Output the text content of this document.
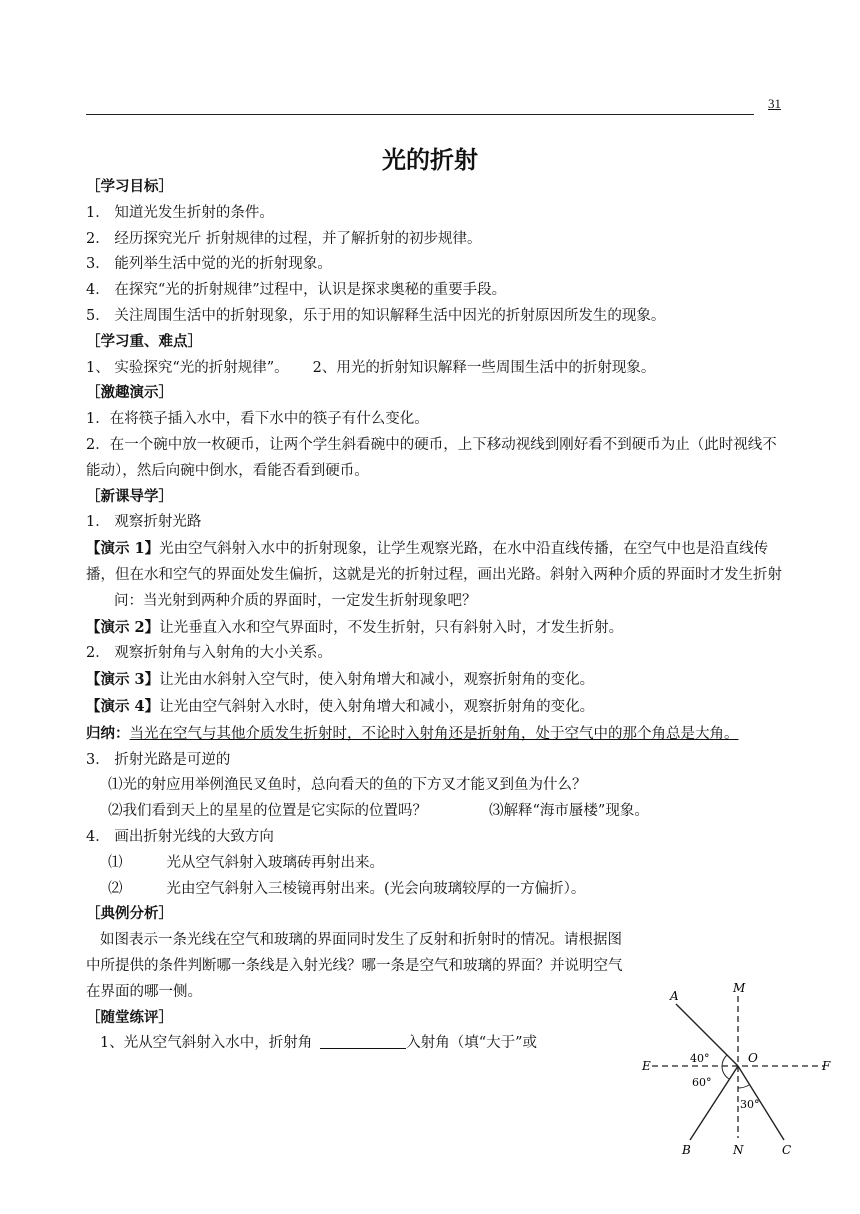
31
光的折射

［学习目标］

1． 知道光发生折射的条件。

2． 经历探究光斤 折射规律的过程，并了解折射的初步规律。

3． 能列举生活中觉的光的折射现象。

4． 在探究“光的折射规律”过程中，认识是探求奥秘的重要手段。

5． 关注周围生活中的折射现象，乐于用的知识解释生活中因光的折射原因所发生的现象。

［学习重、难点］

1、 实验探究“光的折射规律”。 2、用光的折射知识解释一些周围生活中的折射现象。

［激趣演示］

1．在将筷子插入水中，看下水中的筷子有什么变化。

2．在一个碗中放一枚硬币，让两个学生斜看碗中的硬币，上下移动视线到刚好看不到硬币为止（此时视线不能动），然后向碗中倒水，看能否看到硬币。

［新课导学］

1． 观察折射光路

【演示 1】光由空气斜射入水中的折射现象，让学生观察光路，在水中沿直线传播，在空气中也是沿直线传播，但在水和空气的界面处发生偏折，这就是光的折射过程，画出光路。斜射入两种介质的界面时才发生折射

问：当光射到两种介质的界面时，一定发生折射现象吧？

【演示 2】让光垂直入水和空气界面时，不发生折射，只有斜射入时，才发生折射。

2． 观察折射角与入射角的大小关系。

【演示 3】让光由水斜射入空气时，使入射角增大和减小，观察折射角的变化。

【演示 4】让光由空气斜射入水时，使入射角增大和减小，观察折射角的变化。

归纳：当光在空气与其他介质发生折射时，不论时入射角还是折射角，处于空气中的那个角总是大角。

3． 折射光路是可逆的

⑴光的射应用举例渔民叉鱼时，总向看天的鱼的下方叉才能叉到鱼为什么？

⑵我们看到天上的星星的位置是它实际的位置吗？	⑶解释“海市蜃楼”现象。

4． 画出折射光线的大致方向

⑴	光从空气斜射入玻璃砖再射出来。

⑵	光由空气斜射入三棱镜再射出来。(光会向玻璃较厚的一方偏折）。

［典例分析］

如图表示一条光线在空气和玻璃的界面同时发生了反射和折射时的情况。请根据图中所提供的条件判断哪一条线是入射光线？哪一条是空气和玻璃的界面？并说明空气在界面的哪一侧。

［随堂练评］

1、光从空气斜射入水中，折射角	入射角（填“大于”或

M
N
A
B	C
E	F
O
40°
60°
30°
